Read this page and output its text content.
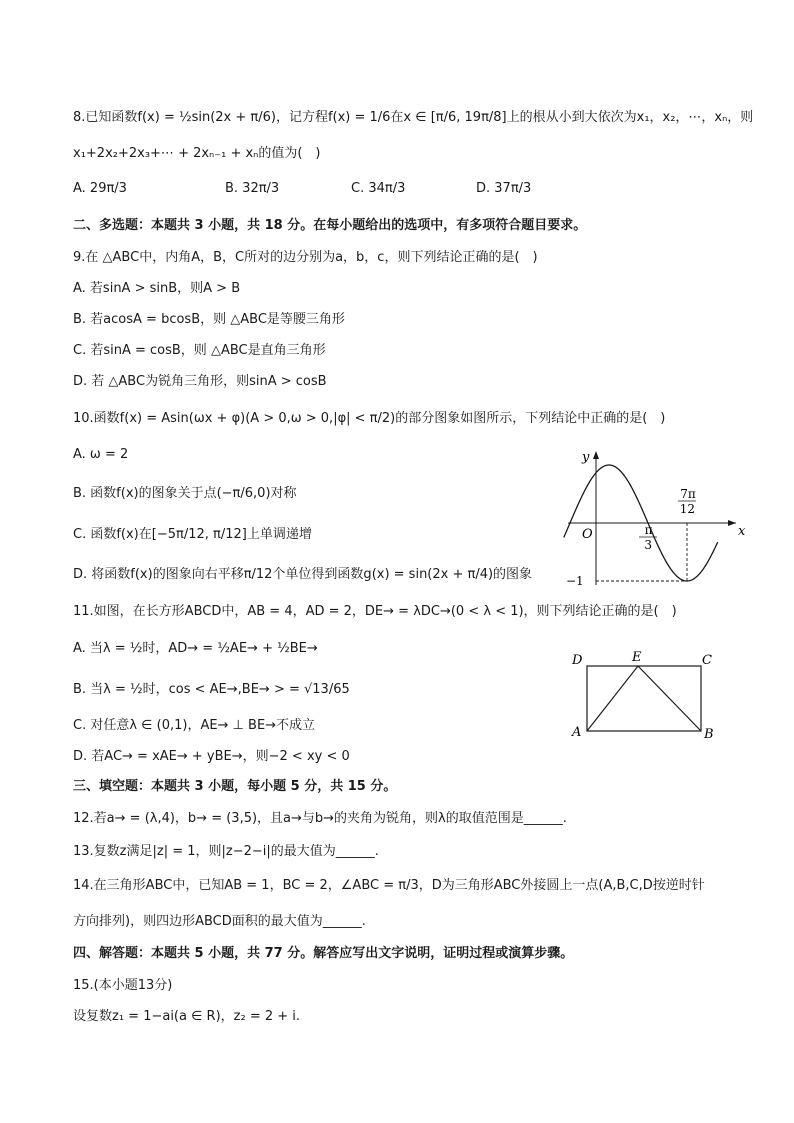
8.已知函数f(x) = ½sin(2x + π/6)，记方程f(x) = 1/6在x ∈ [π/6, 19π/8]上的根从小到大依次为x₁，x₂，⋯，xₙ，则
x₁+2x₂+2x₃+⋯ + 2xₙ₋₁ + xₙ的值为(　)
A. 29π/3	B. 32π/3	C. 34π/3	D. 37π/3
二、多选题：本题共 3 小题，共 18 分。在每小题给出的选项中，有多项符合题目要求。
9.在 △ABC中，内角A，B，C所对的边分别为a，b，c，则下列结论正确的是(　)
A. 若sinA > sinB，则A > B
B. 若acosA = bcosB，则 △ABC是等腰三角形
C. 若sinA = cosB，则 △ABC是直角三角形
D. 若 △ABC为锐角三角形，则sinA > cosB
10.函数f(x) = Asin(ωx + φ)(A > 0,ω > 0,|φ| < π/2)的部分图象如图所示，下列结论中正确的是(　)
A. ω = 2
B. 函数f(x)的图象关于点(−π/6,0)对称
C. 函数f(x)在[−5π/12, π/12]上单调递增
D. 将函数f(x)的图象向右平移π/12个单位得到函数g(x) = sin(2x + π/4)的图象
y
x
O	π
3
7π
12
−1
11.如图，在长方形ABCD中，AB = 4，AD = 2，DE→ = λDC→(0 < λ < 1)，则下列结论正确的是(　)
A. 当λ = ½时，AD→ = ½AE→ + ½BE→
B. 当λ = ½时，cos < AE→,BE→ > = √13/65
C. 对任意λ ∈ (0,1)，AE→ ⊥ BE→不成立
D. 若AC→ = xAE→ + yBE→，则−2 < xy < 0
D	E	C
A	B
三、填空题：本题共 3 小题，每小题 5 分，共 15 分。
12.若a→ = (λ,4)，b→ = (3,5)，且a→与b→的夹角为锐角，则λ的取值范围是______.
13.复数z满足|z| = 1，则|z−2−i|的最大值为______.
14.在三角形ABC中，已知AB = 1，BC = 2，∠ABC = π/3，D为三角形ABC外接圆上一点(A,B,C,D按逆时针
方向排列)，则四边形ABCD面积的最大值为______.
四、解答题：本题共 5 小题，共 77 分。解答应写出文字说明，证明过程或演算步骤。
15.(本小题13分)
设复数z₁ = 1−ai(a ∈ R)，z₂ = 2 + i.
